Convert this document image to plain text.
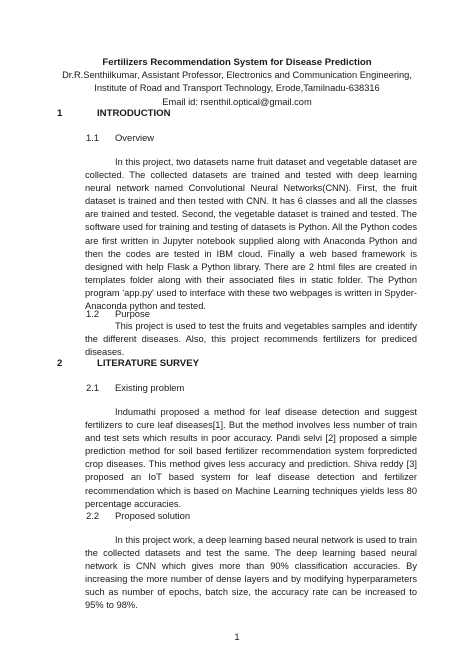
Fertilizers Recommendation System for Disease Prediction
Dr.R.Senthilkumar, Assistant Professor, Electronics and Communication Engineering,
Institute of Road and Transport Technology, Erode,Tamilnadu-638316
Email id: rsenthil.optical@gmail.com
1	INTRODUCTION
1.1 Overview

In this project, two datasets name fruit dataset and vegetable dataset are collected. The collected datasets are trained and tested with deep learning neural network named Convolutional Neural Networks(CNN). First, the fruit dataset is trained and then tested with CNN. It has 6 classes and all the classes are trained and tested. Second, the vegetable dataset is trained and tested. The software used for training and testing of datasets is Python. All the Python codes are first written in Jupyter notebook supplied along with Anaconda Python and then the codes are tested in IBM cloud. Finally a web based framework is designed with help Flask a Python library. There are 2 html files are created in templates folder along with their associated files in static folder. The Python program 'app.py' used to interface with these two webpages is written in Spyder-Anaconda python and tested.

1.2 Purpose

This project is used to test the fruits and vegetables samples and identify the different diseases. Also, this project recommends fertilizers for prediced diseases.

2	LITERATURE SURVEY
2.1 Existing problem

Indumathi proposed a method for leaf disease detection and suggest fertilizers to cure leaf diseases[1]. But the method involves less number of train and test sets which results in poor accuracy. Pandi selvi [2] proposed a simple prediction method for soil based fertilizer recommendation system forpredicted crop diseases. This method gives less accuracy and prediction. Shiva reddy [3] proposed an IoT based system for leaf disease detection and fertilizer recommendation which is based on Machine Learning techniques yields less 80 percentage accuracies.

2.2 Proposed solution

In this project work, a deep learning based neural network is used to train the collected datasets and test the same. The deep learning based neural network is CNN which gives more than 90% classification accuracies. By increasing the more number of dense layers and by modifying hyperparameters such as number of epochs, batch size, the accuracy rate can be increased to 95% to 98%.

1
